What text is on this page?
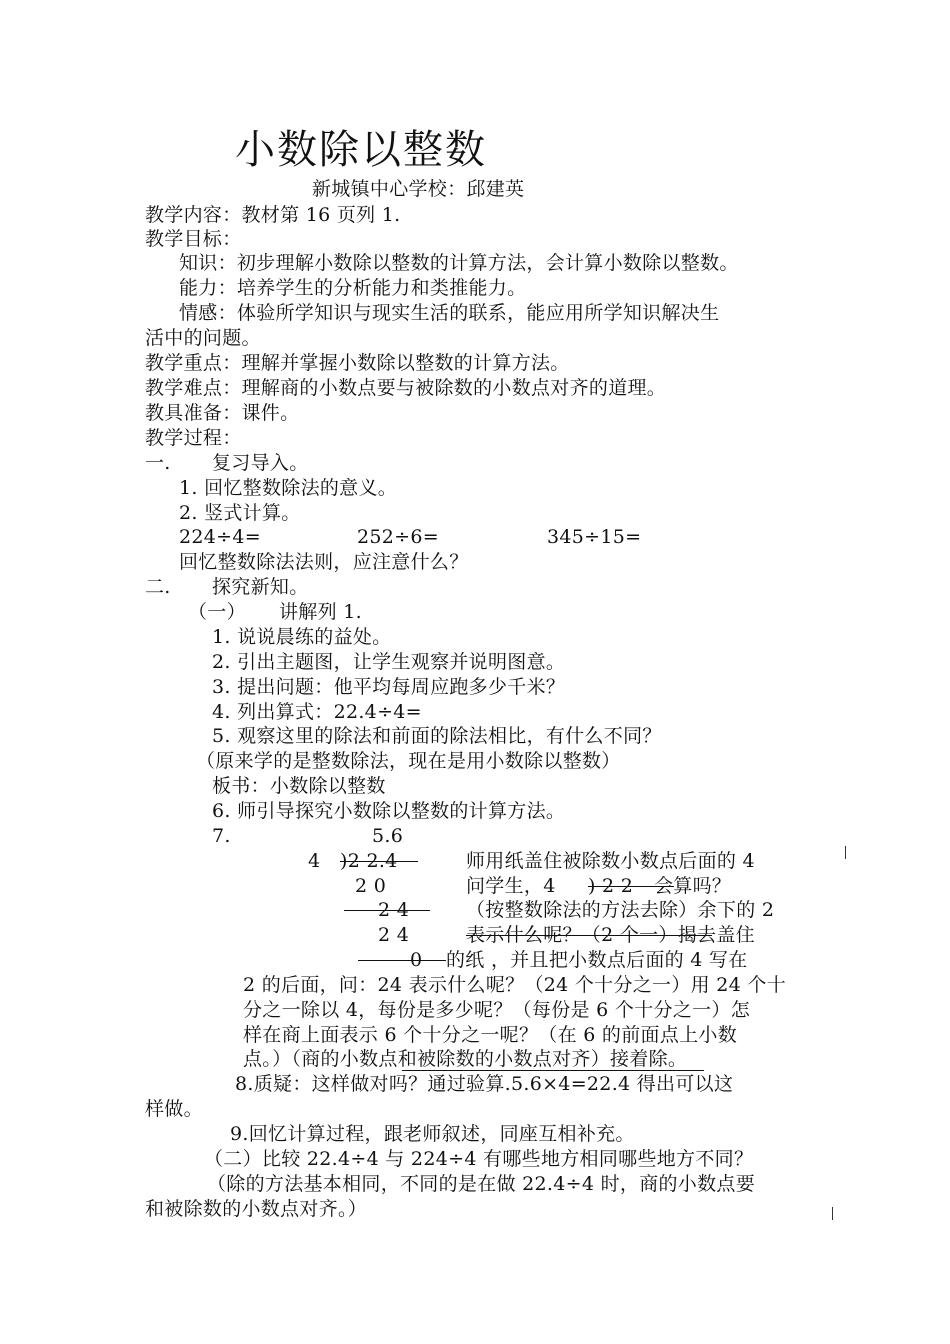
小数除以整数
新城镇中心学校：邱建英
教学内容：教材第 16 页列 1.
教学目标：
知识：初步理解小数除以整数的计算方法，会计算小数除以整数。
能力：培养学生的分析能力和类推能力。
情感：体验所学知识与现实生活的联系，能应用所学知识解决生
活中的问题。
教学重点：理解并掌握小数除以整数的计算方法。
教学难点：理解商的小数点要与被除数的小数点对齐的道理。
教具准备：课件。
教学过程：
一. 复习导入。
1. 回忆整数除法的意义。
2. 竖式计算。
224÷4=	252÷6=	345÷15=
回忆整数除法法则，应注意什么？
二. 探究新知。
（一） 讲解列 1.
1. 说说晨练的益处。
2. 引出主题图，让学生观察并说明图意。
3. 提出问题：他平均每周应跑多少千米？
4. 列出算式：22.4÷4=
5. 观察这里的除法和前面的除法相比，有什么不同？
（原来学的是整数除法，现在是用小数除以整数）
板书：小数除以整数
6. 师引导探究小数除以整数的计算方法。
7.	5.6
4 )2 2.4
2 0
2 4
2 4
0
师用纸盖住被除数小数点后面的 4
问学生，4 ) 2 2 会算吗？
（按整数除法的方法去除）余下的 2
表示什么呢？（2 个一）揭去盖住
的纸 ，并且把小数点后面的 4 写在
2 的后面，问：24 表示什么呢？（24 个十分之一）用 24 个十
分之一除以 4，每份是多少呢？（每份是 6 个十分之一）怎
样在商上面表示 6 个十分之一呢？（在 6 的前面点上小数
点。）（商的小数点和被除数的小数点对齐）接着除。
8.质疑：这样做对吗？通过验算.5.6×4=22.4 得出可以这
样做。
9.回忆计算过程，跟老师叙述，同座互相补充。
（二）比较 22.4÷4 与 224÷4 有哪些地方相同哪些地方不同？
（除的方法基本相同，不同的是在做 22.4÷4 时，商的小数点要
和被除数的小数点对齐。）
